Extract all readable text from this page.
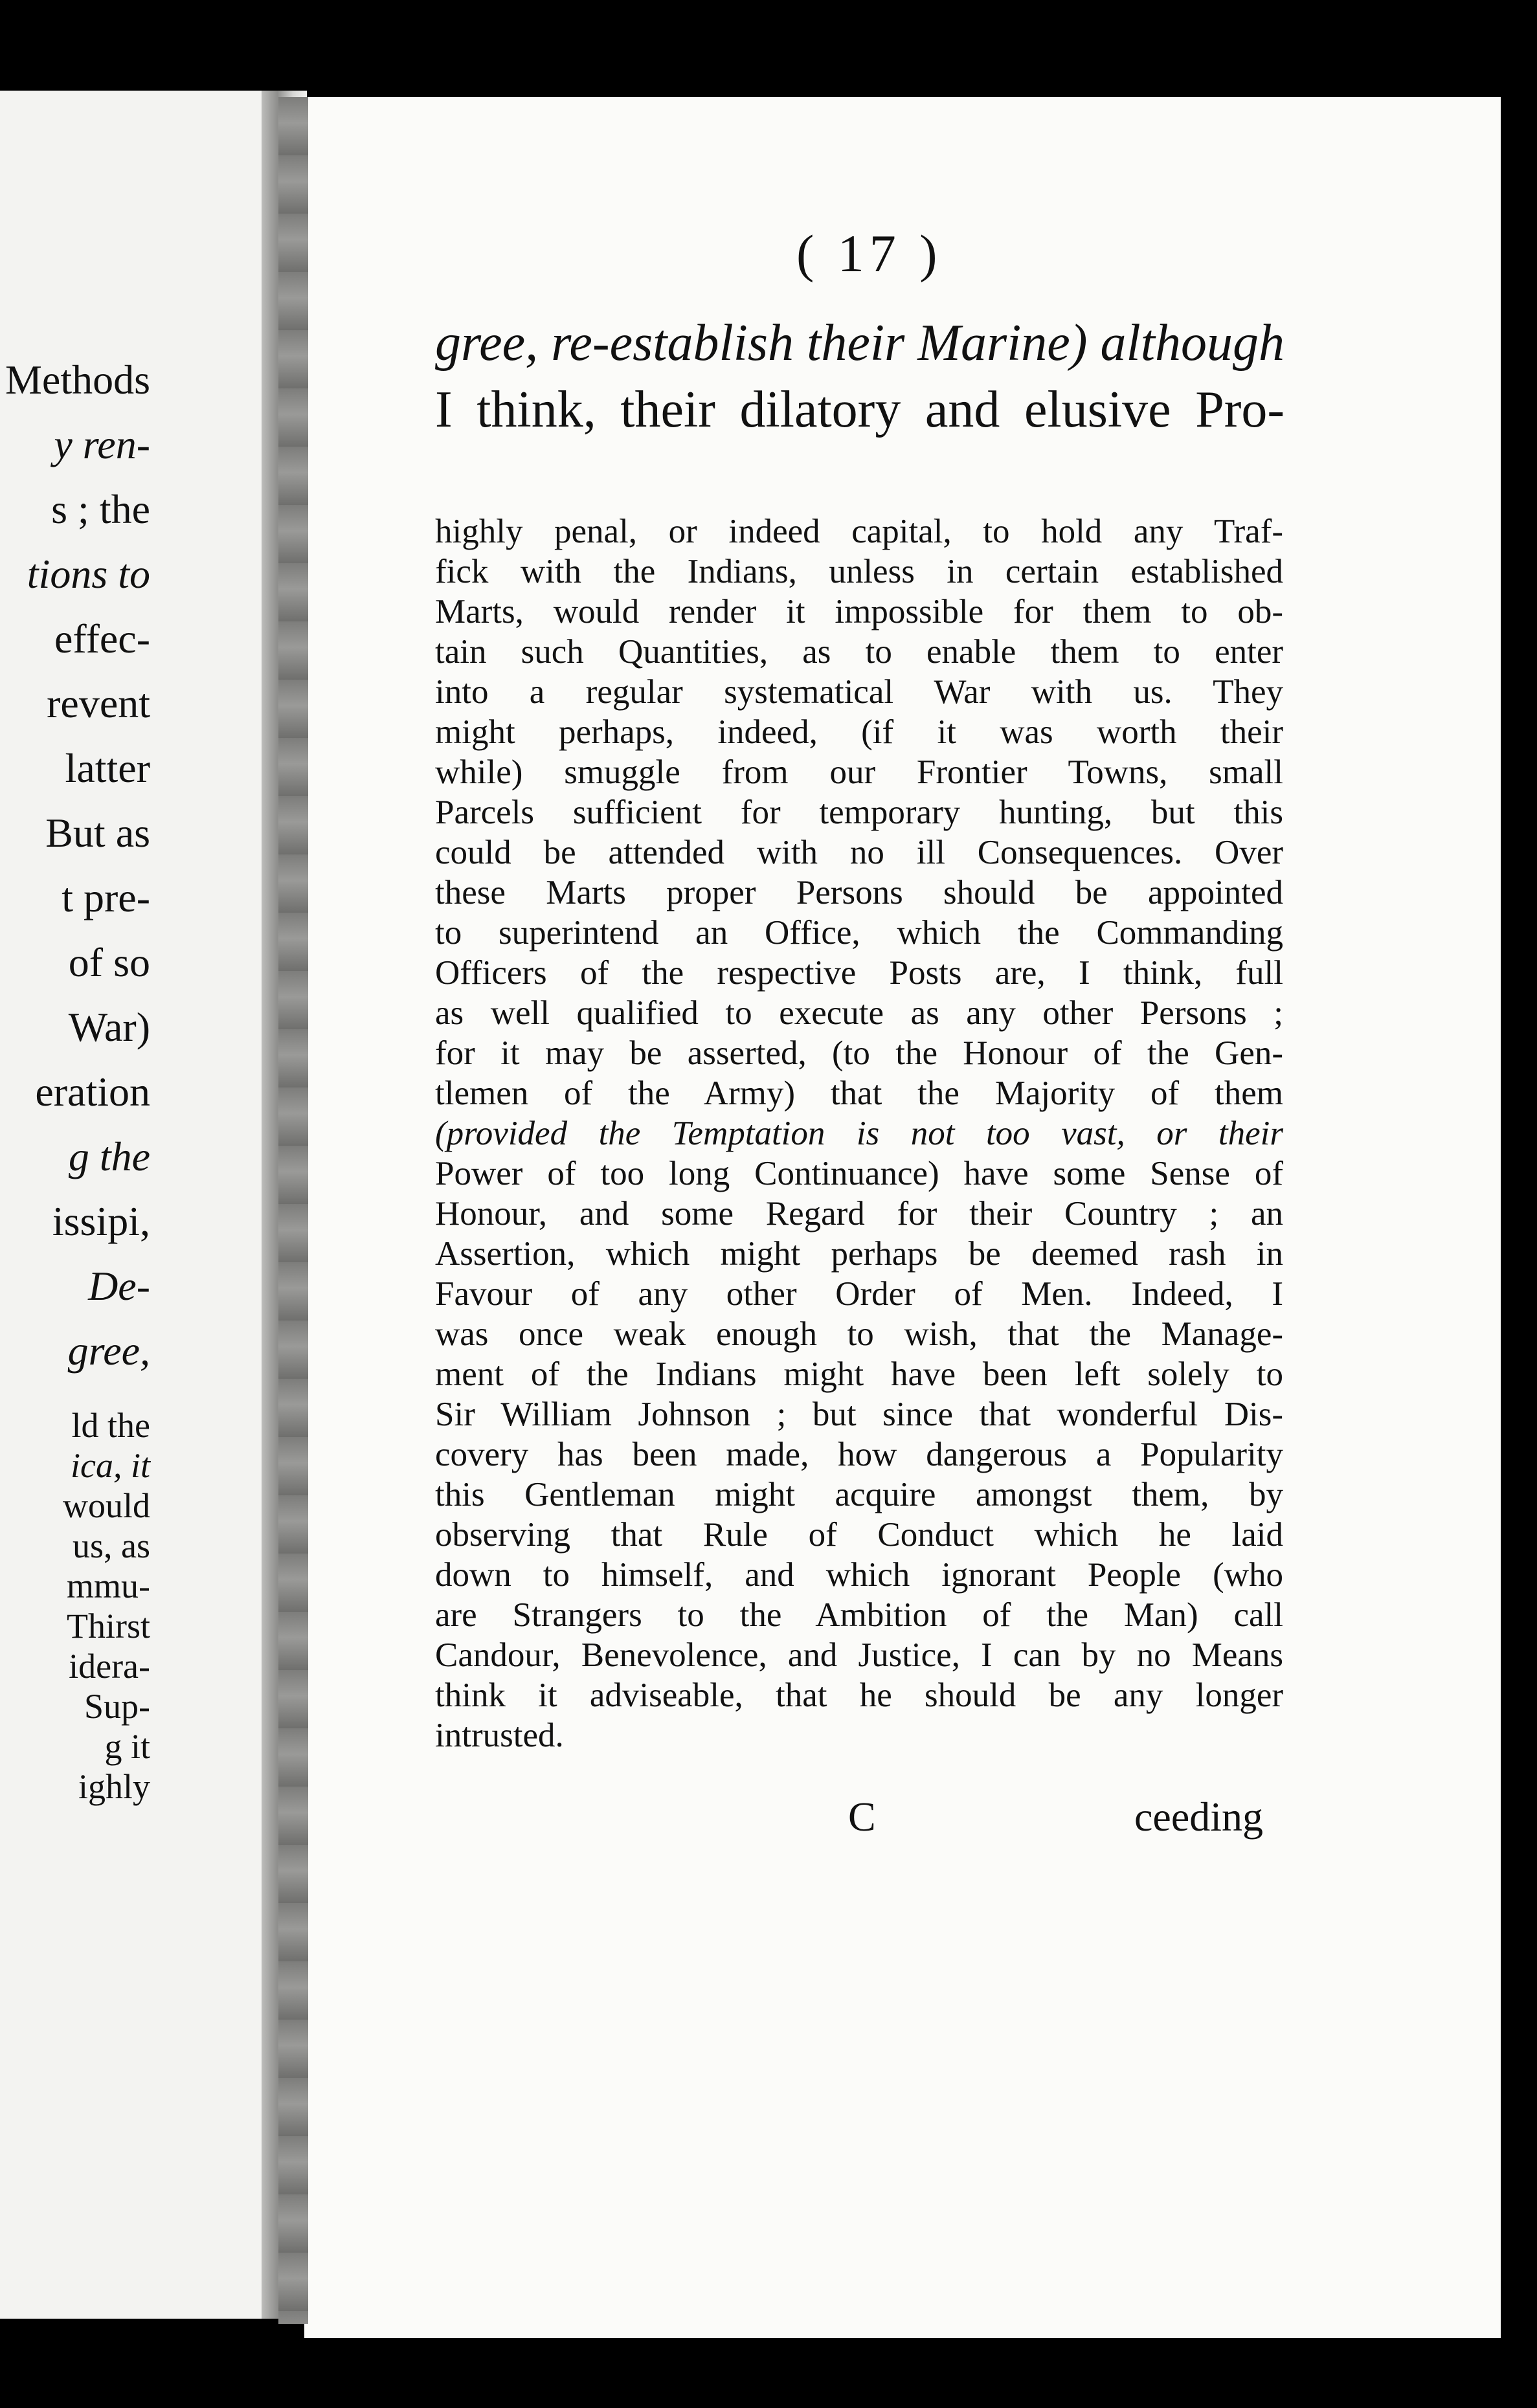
Methods
y ren-
s ; the
tions to
effec-
revent
latter
But as
t pre-
of so
War)
eration
g the
issipi,
De-
gree,
ld the
ica, it
would
us, as
mmu-
Thirst
idera-
Sup-
g it
ighly
( 17 )
gree, re-establish their Marine) although
I think, their dilatory and elusive Pro-
highly penal, or indeed capital, to hold any Traf-
fick with the Indians, unless in certain established
Marts, would render it impossible for them to ob-
tain such Quantities, as to enable them to enter
into a regular systematical War with us. They
might perhaps, indeed, (if it was worth their
while) smuggle from our Frontier Towns, small
Parcels sufficient for temporary hunting, but this
could be attended with no ill Consequences. Over
these Marts proper Persons should be appointed
to superintend an Office, which the Commanding
Officers of the respective Posts are, I think, full
as well qualified to execute as any other Persons ;
for it may be asserted, (to the Honour of the Gen-
tlemen of the Army) that the Majority of them
(provided the Temptation is not too vast, or their
Power of too long Continuance) have some Sense of
Honour, and some Regard for their Country ; an
Assertion, which might perhaps be deemed rash in
Favour of any other Order of Men. Indeed, I
was once weak enough to wish, that the Manage-
ment of the Indians might have been left solely to
Sir William Johnson ; but since that wonderful Dis-
covery has been made, how dangerous a Popularity
this Gentleman might acquire amongst them, by
observing that Rule of Conduct which he laid
down to himself, and which ignorant People (who
are Strangers to the Ambition of the Man) call
Candour, Benevolence, and Justice, I can by no Means
think it adviseable, that he should be any longer
intrusted.
C	ceeding
